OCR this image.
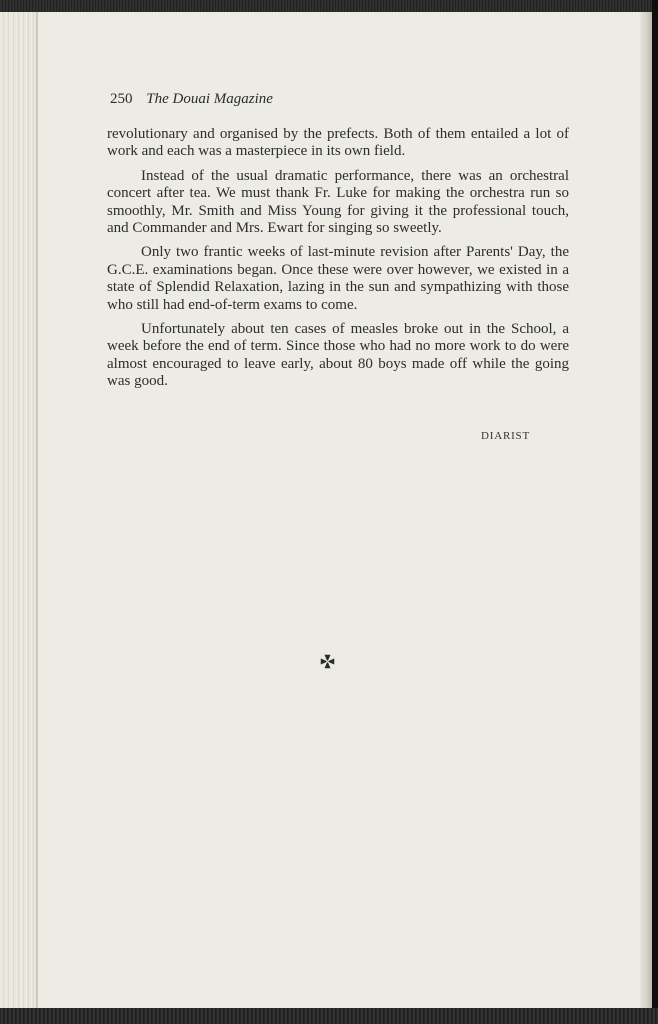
250 The Douai Magazine

revolutionary and organised by the prefects. Both of them entailed a lot of work and each was a masterpiece in its own field.

Instead of the usual dramatic performance, there was an orchestral concert after tea. We must thank Fr. Luke for making the orchestra run so smoothly, Mr. Smith and Miss Young for giving it the professional touch, and Commander and Mrs. Ewart for singing so sweetly.

Only two frantic weeks of last-minute revision after Parents' Day, the G.C.E. examinations began. Once these were over however, we existed in a state of Splendid Relaxation, lazing in the sun and sympathizing with those who still had end-of-term exams to come.

Unfortunately about ten cases of measles broke out in the School, a week before the end of term. Since those who had no more work to do were almost encouraged to leave early, about 80 boys made off while the going was good.

DIARIST
